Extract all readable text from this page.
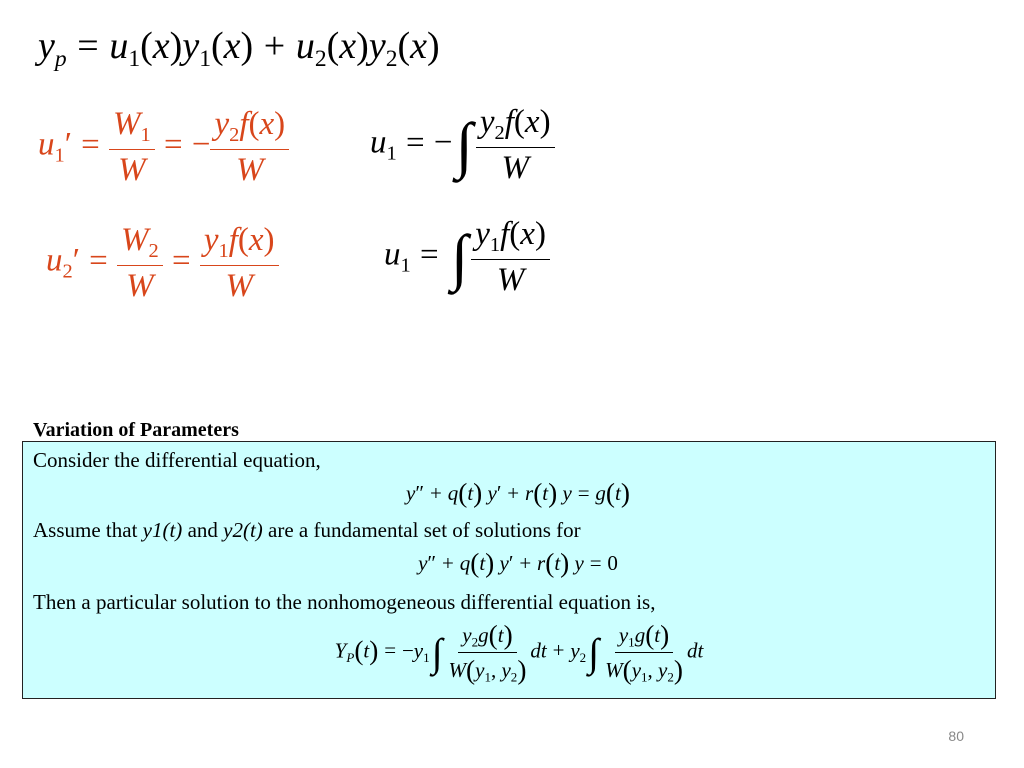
$y_p = u_1(x)y_1(x) + u_2(x)y_2(x)$
$u_1' = \frac{W_1}{W}$ = − $\frac{y_2f(x)}{W}$
$u_2' = \frac{W_2}{W} = \frac{y_1f(x)}{W}$
$u_1$ = −∫ $\frac{y_2f(x)}{W}$
$u_1$ = ∫ $\frac{y_1f(x)}{W}$
Variation of Parameters
Consider the differential equation,
y″ + q(t) y′ + r(t) y = g(t)
Assume that y1(t) and y2(t) are a fundamental set of solutions for
y″ + q(t) y′ + r(t) y = 0
Then a particular solution to the nonhomogeneous differential equation is,
$Y_P(t) = -y_1\int \frac{y_2g(t)}{W(y_1, y_2)}$ dt + $y_2\int \frac{y_1g(t)}{W(y_1, y_2)}$ dt
80
